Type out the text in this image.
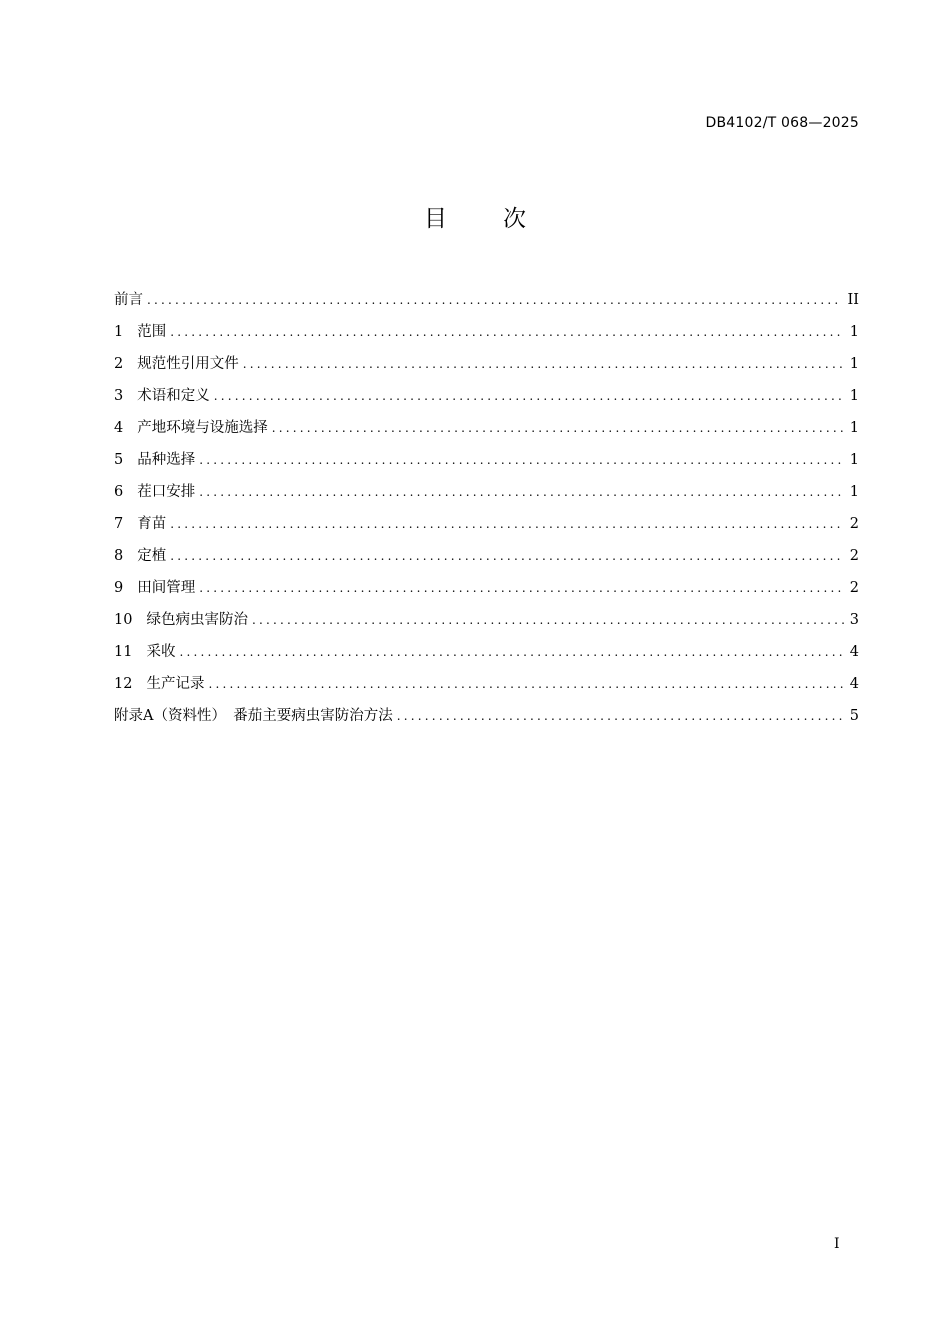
DB4102/T 068—2025
目次
前言 .....	II
1 范围 .....	1
2 规范性引用文件 .....	1
3 术语和定义 .....	1
4 产地环境与设施选择 .....	1
5 品种选择 .....	1
6 茬口安排 .....	1
7 育苗 .....	2
8 定植 .....	2
9 田间管理 .....	2
10 绿色病虫害防治 .....	3
11 采收 .....	4
12 生产记录 .....	4
附录A（资料性）　番茄主要病虫害防治方法 .....	5
I
